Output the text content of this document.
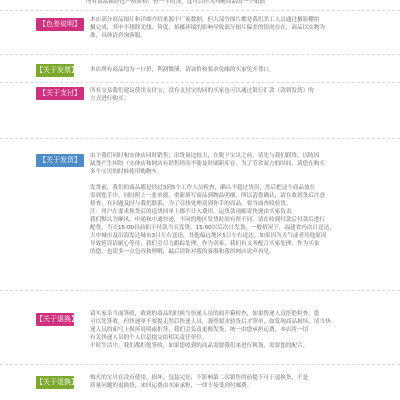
所有商品都经过严格质检，但一半的货，这可以作为判断商品的一个依据

【色差说明】	本店部分商品图片和详细介绍来源于厂家数据，但大部分图片都是我们美工人员通过摄影棚拍

摄完成，其中不排除光线、角度、拍摄环境的影响导致部分图片偏差的情况存在，商品以实物为

准，具体请咨询客服。

【关于发票】 本店所有商品均为一口价，利润微薄，请谅价和要求免邮的买家免开尊口。

【关于支付】	所有交易我们建议使用支付宝，没有支付宝的同的买家也可以通过银行汇款（款到发货）的

方式进行购买。

【关于发货】	由于我们同时和实体店同时销售，出货量比较大，在脱下宝贝之前，请先与我们联络，以防因

缺货产生纠纷（实体店和网店有销售情况不能及时刷新库存，为了节省双方的时间，请您在购买

多个宝贝的时候使用购物车。

发货前，我们的商品都是经过3到5个工作人员检查，确认不超过货误，然后把这个商品放在

寄到您手中，同时附上一张单据，重新填写商品到物品明细，所以请您确认，请在收到货后注意

检查，有问题及时与我们联系，为了尽快处理送到你手的商品，要当面查收验货。

注：用户在要求换货后的退货回单上都不计入费用，运货款项邮寄快递由买家负责。

我们默认为顺风、申通和中通快递，不同的地区发货时间有所不同，请在收到付款后付款后进行

配货，当天15:00以前拍下付款当天发货，15:00以后次日发货，一般情况下，福建省内次日送达，

大中城市及沿海发达城市3日左右送达，其他偏远地区5日左右送达，如果因为天气或者其他原因

导致延误请耐心等待，我们会尽力跟踪处理，作为卖家，我们有义务配合买家处理，作为买家

的您，也请多一点包容和理解，最后请你对我的客服和我的网店说声再见。

【关于退换】

请买家亲当面签收，收到的商品的时候当快递人员的面开箱检查，如果快递人员拒绝检查，您

可以先签收，但快递单不要提走然后快递人员，强烈要求验货后才签单，如发现商品损坏，请当快

递人员的面写上损坏说明或拒签，我们会负责更换发货，统一由您承担运费，本店将一切

有关快递人员的个人信息提交给相关责任单位。

平时生活中，我们都拒绝签收，如果您收到的商品需要我们来进行换货，需要您的配合。

【关于退换】 购买的宝贝在没有使用，损坏，包装完好，不影响第二次销售的前提下可于退换货，不是

质量问题的退换货，来回运费由买家承担，一律不接受到付邮费。
